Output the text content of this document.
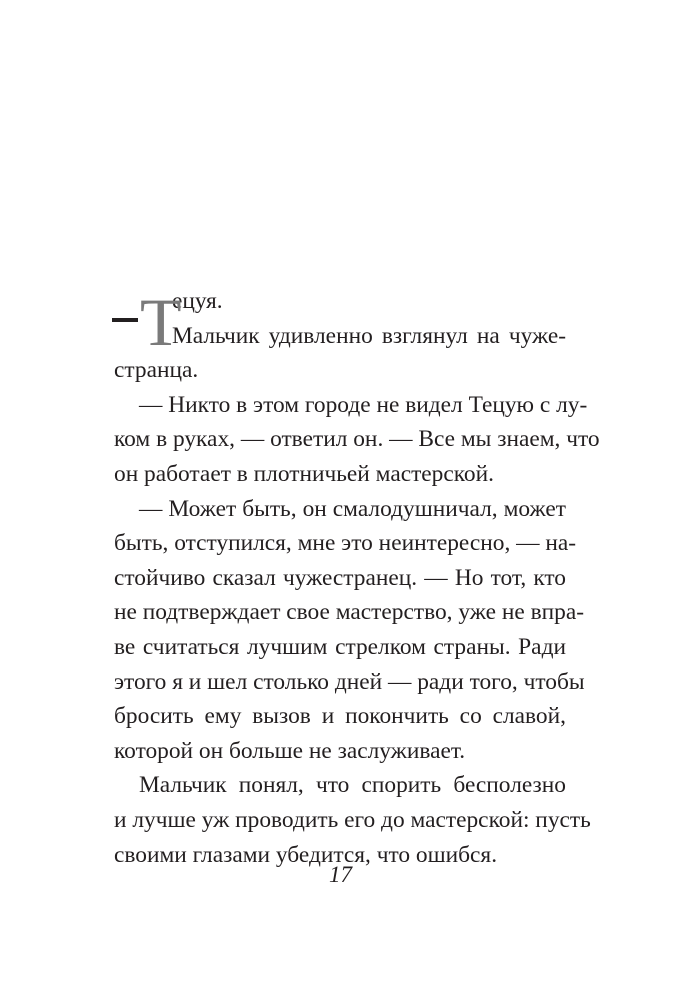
Т
ецуя.
Мальчик удивленно взглянул на чуже-
странца.
— Никто в этом городе не видел Тецую с лу-
ком в руках, — ответил он. — Все мы знаем, что
он работает в плотничьей мастерской.
— Может быть, он смалодушничал, может
быть, отступился, мне это неинтересно, — на-
стойчиво сказал чужестранец. — Но тот, кто
не подтверждает свое мастерство, уже не впра-
ве считаться лучшим стрелком страны. Ради
этого я и шел столько дней — ради того, чтобы
бросить ему вызов и покончить со славой,
которой он больше не заслуживает.
Мальчик понял, что спорить бесполезно
и лучше уж проводить его до мастерской: пусть
своими глазами убедится, что ошибся.
17
